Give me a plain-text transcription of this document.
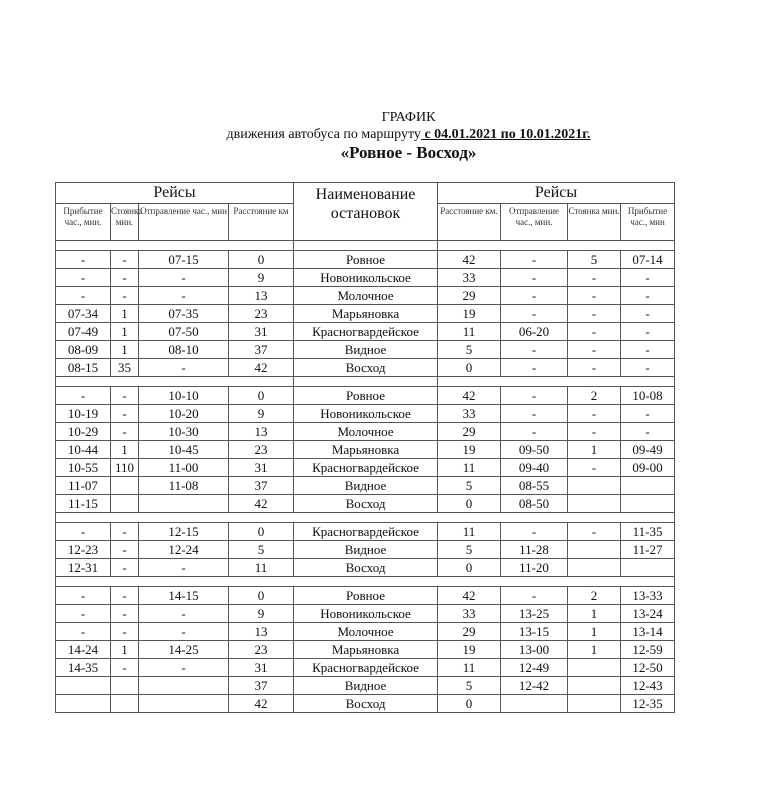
ГРАФИК
движения автобуса по маршруту с 04.01.2021 по 10.01.2021г.
«Ровное - Восход»
Рейсы				Наименование остановок	Рейсы			
Прибытие час., мин.	Стоянка мин.	Отправление час., мин	Расстояние км		Расстояние км.	Отправление час., мин.	Стоянка мин.	Прибытие час., мин

-	-	07-15	0	Ровное	42	-	5	07-14
-	-	-	9	Новоникольское	33	-	-	-
-	-	-	13	Молочное	29	-	-	-
07-34	1	07-35	23	Марьяновка	19	-	-	-
07-49	1	07-50	31	Красногвардейское	11	06-20	-	-
08-09	1	08-10	37	Видное	5	-	-	-
08-15	35	-	42	Восход	0	-	-	-

-	-	10-10	0	Ровное	42	-	2	10-08
10-19	-	10-20	9	Новоникольское	33	-	-	-
10-29	-	10-30	13	Молочное	29	-	-	-
10-44	1	10-45	23	Марьяновка	19	09-50	1	09-49
10-55	110	11-00	31	Красногвардейское	11	09-40	-	09-00
11-07		11-08	37	Видное	5	08-55		
11-15			42	Восход	0	08-50		

-	-	12-15	0	Красногвардейское	11	-	-	11-35
12-23	-	12-24	5	Видное	5	11-28		11-27
12-31	-	-	11	Восход	0	11-20		

-	-	14-15	0	Ровное	42	-	2	13-33
-	-	-	9	Новоникольское	33	13-25	1	13-24
-	-	-	13	Молочное	29	13-15	1	13-14
14-24	1	14-25	23	Марьяновка	19	13-00	1	12-59
14-35	-	-	31	Красногвардейское	11	12-49		12-50
			37	Видное	5	12-42		12-43
			42	Восход	0			12-35
